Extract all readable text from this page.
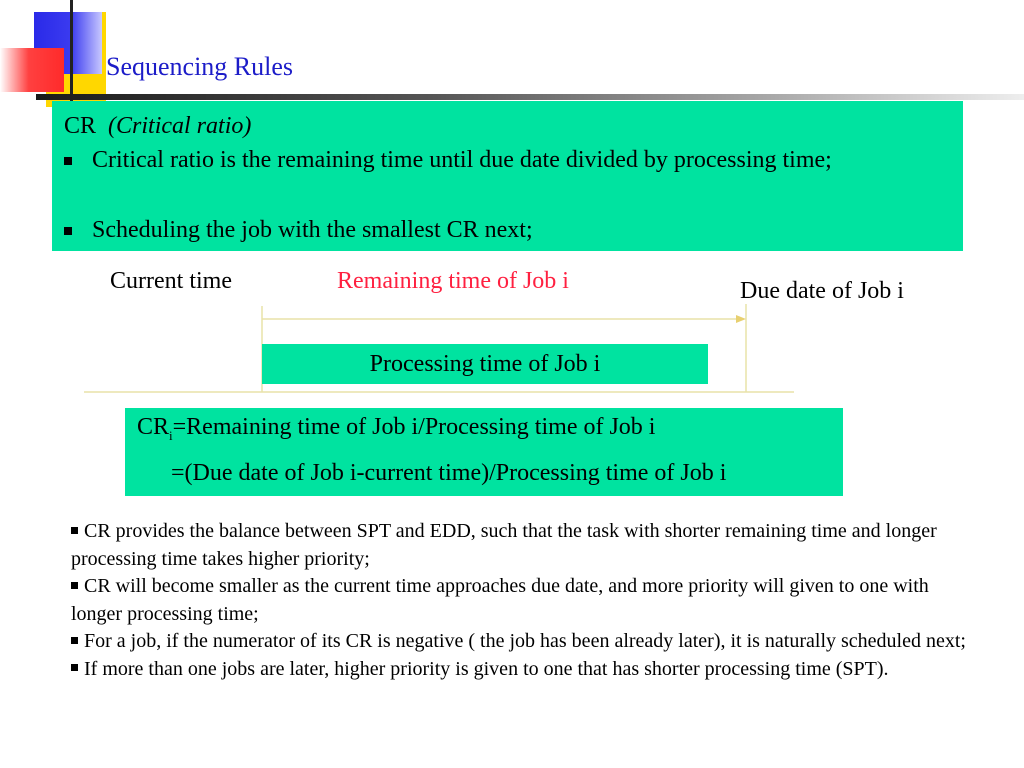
Sequencing Rules
CR (Critical ratio)
Critical ratio is the remaining time until due date divided by processing time;
Scheduling the job with the smallest CR next;
Current time	Remaining time of Job i	Due date of Job i
Processing time of Job i
$CR_i=Remaining$ time of Job i/Processing time of Job i
=(Due date of Job i-current time)/Processing time of Job i

CR provides the balance between SPT and EDD, such that the task with shorter remaining time and longer processing time takes higher priority;

CR will become smaller as the current time approaches due date, and more priority will given to one with longer processing time;

For a job, if the numerator of its CR is negative ( the job has been already later), it is naturally scheduled next;

If more than one jobs are later, higher priority is given to one that has shorter processing time (SPT).
